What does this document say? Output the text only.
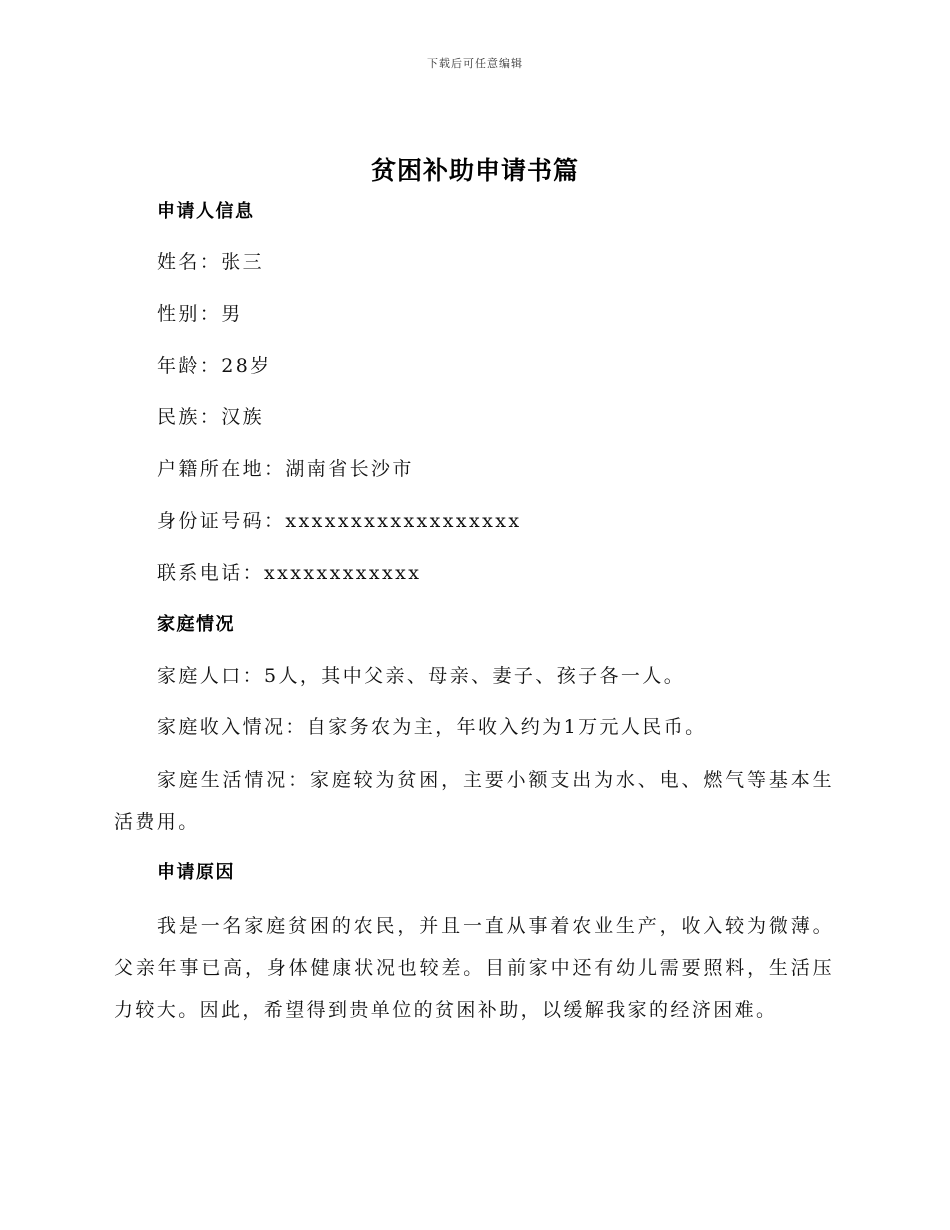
下载后可任意编辑
贫困补助申请书篇
申请人信息
姓名：张三
性别：男
年龄：28岁
民族：汉族
户籍所在地：湖南省长沙市
身份证号码：xxxxxxxxxxxxxxxxxx
联系电话：xxxxxxxxxxxx
家庭情况
家庭人口：5人，其中父亲、母亲、妻子、孩子各一人。
家庭收入情况：自家务农为主，年收入约为1万元人民币。
家庭生活情况：家庭较为贫困，主要小额支出为水、电、燃气等基本生活费用。
申请原因
我是一名家庭贫困的农民，并且一直从事着农业生产，收入较为微薄。父亲年事已高，身体健康状况也较差。目前家中还有幼儿需要照料，生活压力较大。因此，希望得到贵单位的贫困补助，以缓解我家的经济困难。
